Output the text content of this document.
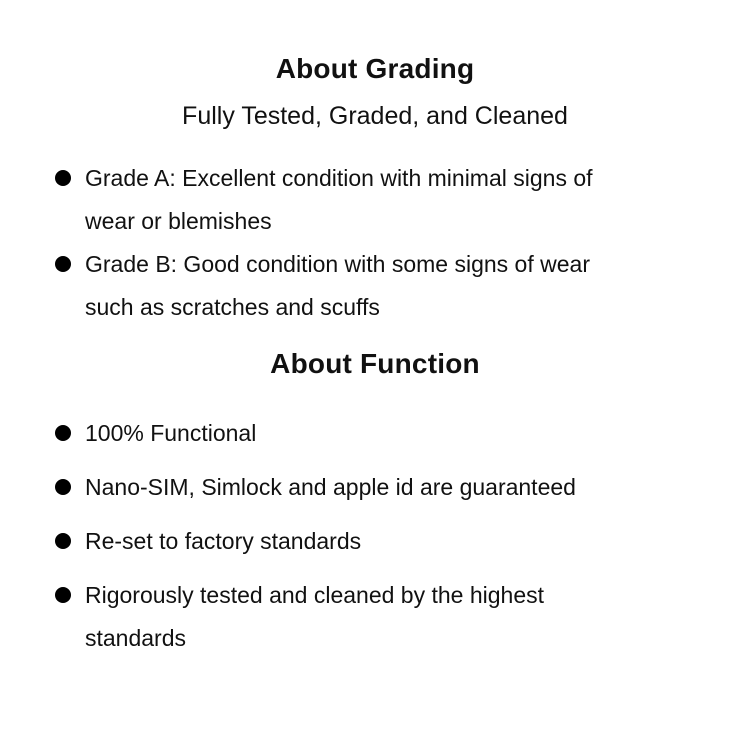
About Grading

Fully Tested, Graded, and Cleaned

Grade A: Excellent condition with minimal signs of
wear or blemishes
Grade B: Good condition with some signs of wear
such as scratches and scuffs
About Function
100% Functional
Nano-SIM, Simlock and apple id are guaranteed
Re-set to factory standards
Rigorously tested and cleaned by the highest
standards
